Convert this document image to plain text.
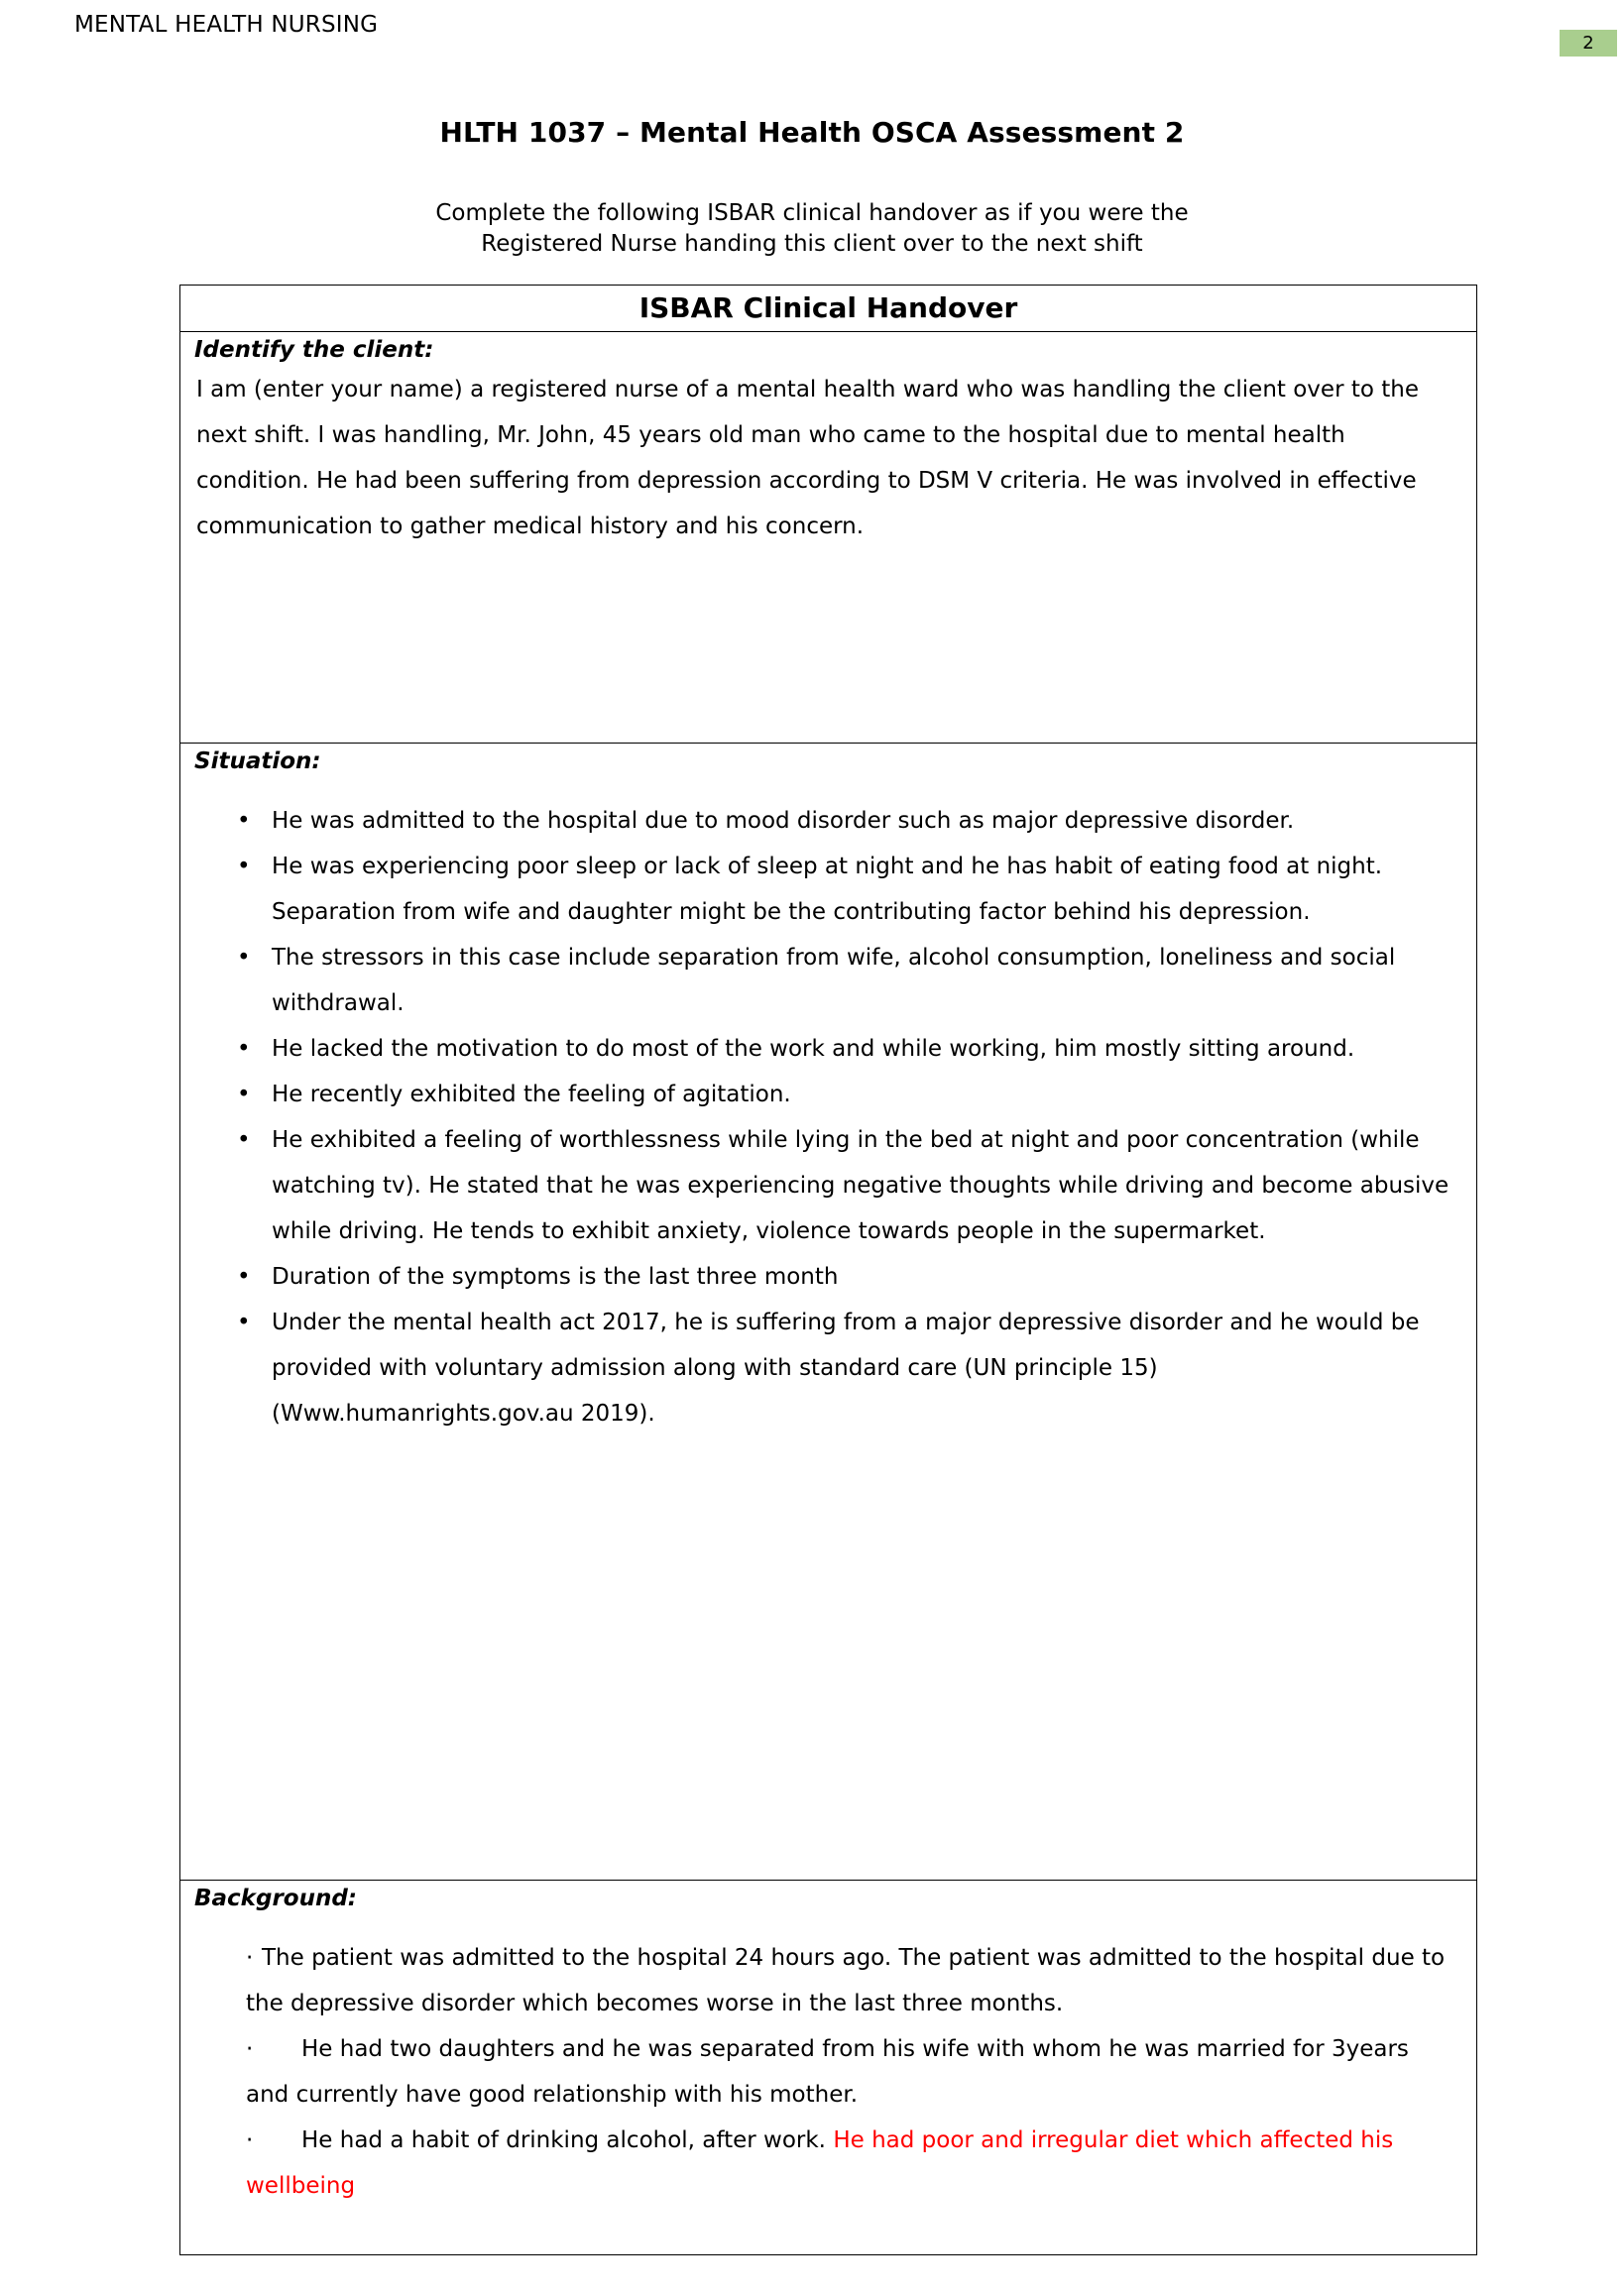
MENTAL HEALTH NURSING
2
HLTH 1037 – Mental Health OSCA Assessment 2
Complete the following ISBAR clinical handover as if you were the
Registered Nurse handing this client over to the next shift
ISBAR Clinical Handover
Identify the client:

I am (enter your name) a registered nurse of a mental health ward who was handling the client over to the next shift. I was handling, Mr. John, 45 years old man who came to the hospital due to mental health condition. He had been suffering from depression according to DSM V criteria. He was involved in effective communication to gather medical history and his concern.

Situation:
• He was admitted to the hospital due to mood disorder such as major depressive disorder.
• He was experiencing poor sleep or lack of sleep at night and he has habit of eating food at night. Separation from wife and daughter might be the contributing factor behind his depression.
• The stressors in this case include separation from wife, alcohol consumption, loneliness and social withdrawal.
• He lacked the motivation to do most of the work and while working, him mostly sitting around.
• He recently exhibited the feeling of agitation.
• He exhibited a feeling of worthlessness while lying in the bed at night and poor concentration (while watching tv). He stated that he was experiencing negative thoughts while driving and become abusive while driving. He tends to exhibit anxiety, violence towards people in the supermarket.
• Duration of the symptoms is the last three month
• Under the mental health act 2017, he is suffering from a major depressive disorder and he would be provided with voluntary admission along with standard care (UN principle 15) (Www.humanrights.gov.au 2019).
Background:
· The patient was admitted to the hospital 24 hours ago. The patient was admitted to the hospital due to the depressive disorder which becomes worse in the last three months.
· He had two daughters and he was separated from his wife with whom he was married for 3years and currently have good relationship with his mother.
· He had a habit of drinking alcohol, after work. He had poor and irregular diet which affected his wellbeing
